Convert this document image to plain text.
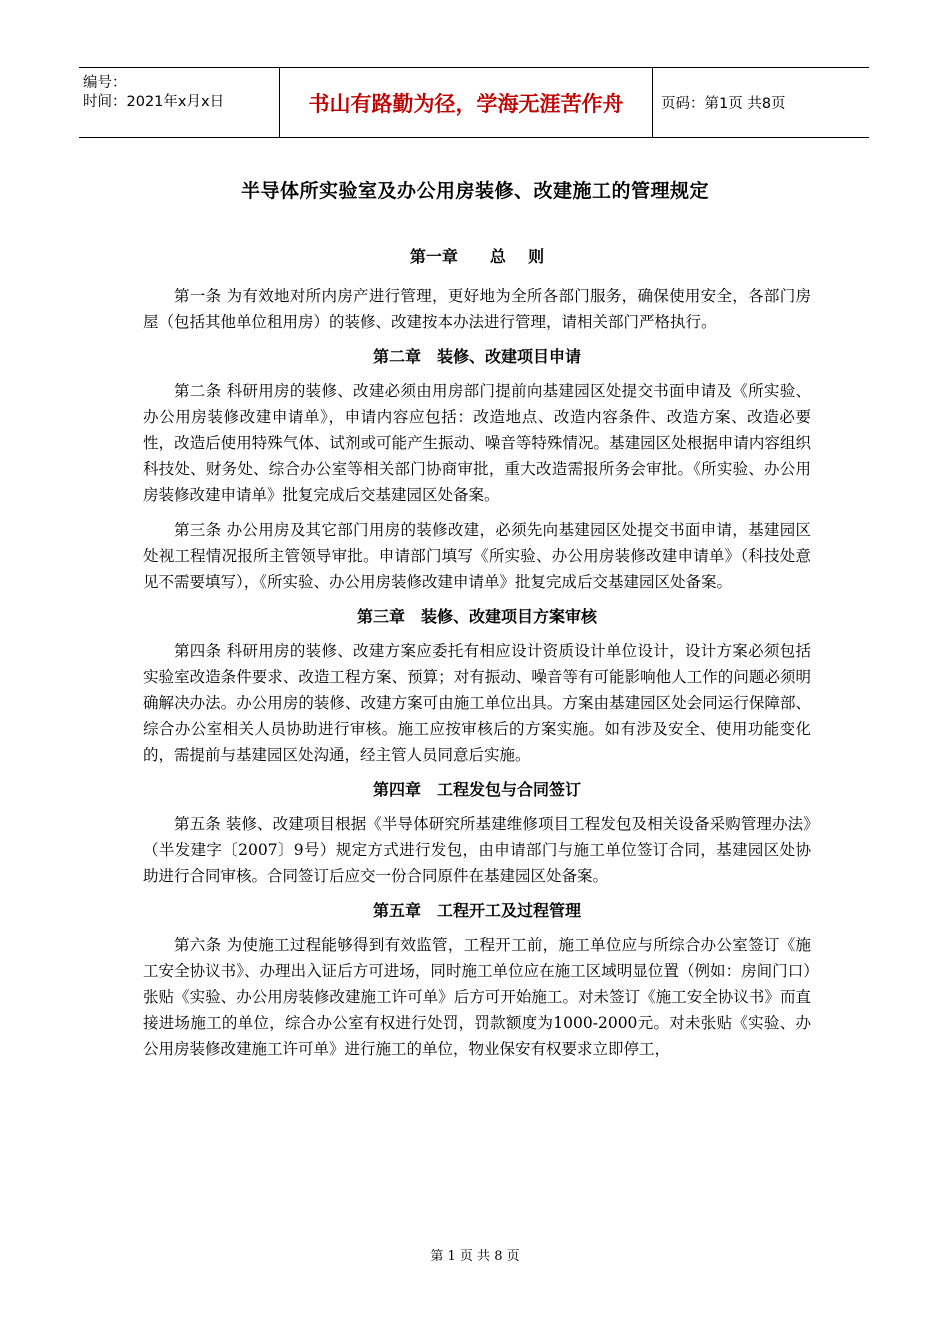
编号：
时间：2021年x月x日	书山有路勤为径，学海无涯苦作舟	页码：第1页 共8页
半导体所实验室及办公用房装修、改建施工的管理规定
第一章 总    则

第一条 为有效地对所内房产进行管理，更好地为全所各部门服务，确保使用安全，各部门房屋（包括其他单位租用房）的装修、改建按本办法进行管理，请相关部门严格执行。

第二章 装修、改建项目申请

第二条 科研用房的装修、改建必须由用房部门提前向基建园区处提交书面申请及《所实验、办公用房装修改建申请单》，申请内容应包括：改造地点、改造内容条件、改造方案、改造必要性，改造后使用特殊气体、试剂或可能产生振动、噪音等特殊情况。基建园区处根据申请内容组织科技处、财务处、综合办公室等相关部门协商审批，重大改造需报所务会审批。《所实验、办公用房装修改建申请单》批复完成后交基建园区处备案。

第三条 办公用房及其它部门用房的装修改建，必须先向基建园区处提交书面申请，基建园区处视工程情况报所主管领导审批。申请部门填写《所实验、办公用房装修改建申请单》（科技处意见不需要填写），《所实验、办公用房装修改建申请单》批复完成后交基建园区处备案。

第三章 装修、改建项目方案审核

第四条 科研用房的装修、改建方案应委托有相应设计资质设计单位设计，设计方案必须包括实验室改造条件要求、改造工程方案、预算；对有振动、噪音等有可能影响他人工作的问题必须明确解决办法。办公用房的装修、改建方案可由施工单位出具。方案由基建园区处会同运行保障部、综合办公室相关人员协助进行审核。施工应按审核后的方案实施。如有涉及安全、使用功能变化的，需提前与基建园区处沟通，经主管人员同意后实施。

第四章 工程发包与合同签订

第五条 装修、改建项目根据《半导体研究所基建维修项目工程发包及相关设备采购管理办法》（半发建字〔2007〕9号）规定方式进行发包，由申请部门与施工单位签订合同，基建园区处协助进行合同审核。合同签订后应交一份合同原件在基建园区处备案。

第五章 工程开工及过程管理

第六条 为使施工过程能够得到有效监管，工程开工前，施工单位应与所综合办公室签订《施工安全协议书》、办理出入证后方可进场，同时施工单位应在施工区域明显位置（例如：房间门口）张贴《实验、办公用房装修改建施工许可单》后方可开始施工。对未签订《施工安全协议书》而直接进场施工的单位，综合办公室有权进行处罚，罚款额度为1000-2000元。对未张贴《实验、办公用房装修改建施工许可单》进行施工的单位，物业保安有权要求立即停工，

第 1 页 共 8 页
